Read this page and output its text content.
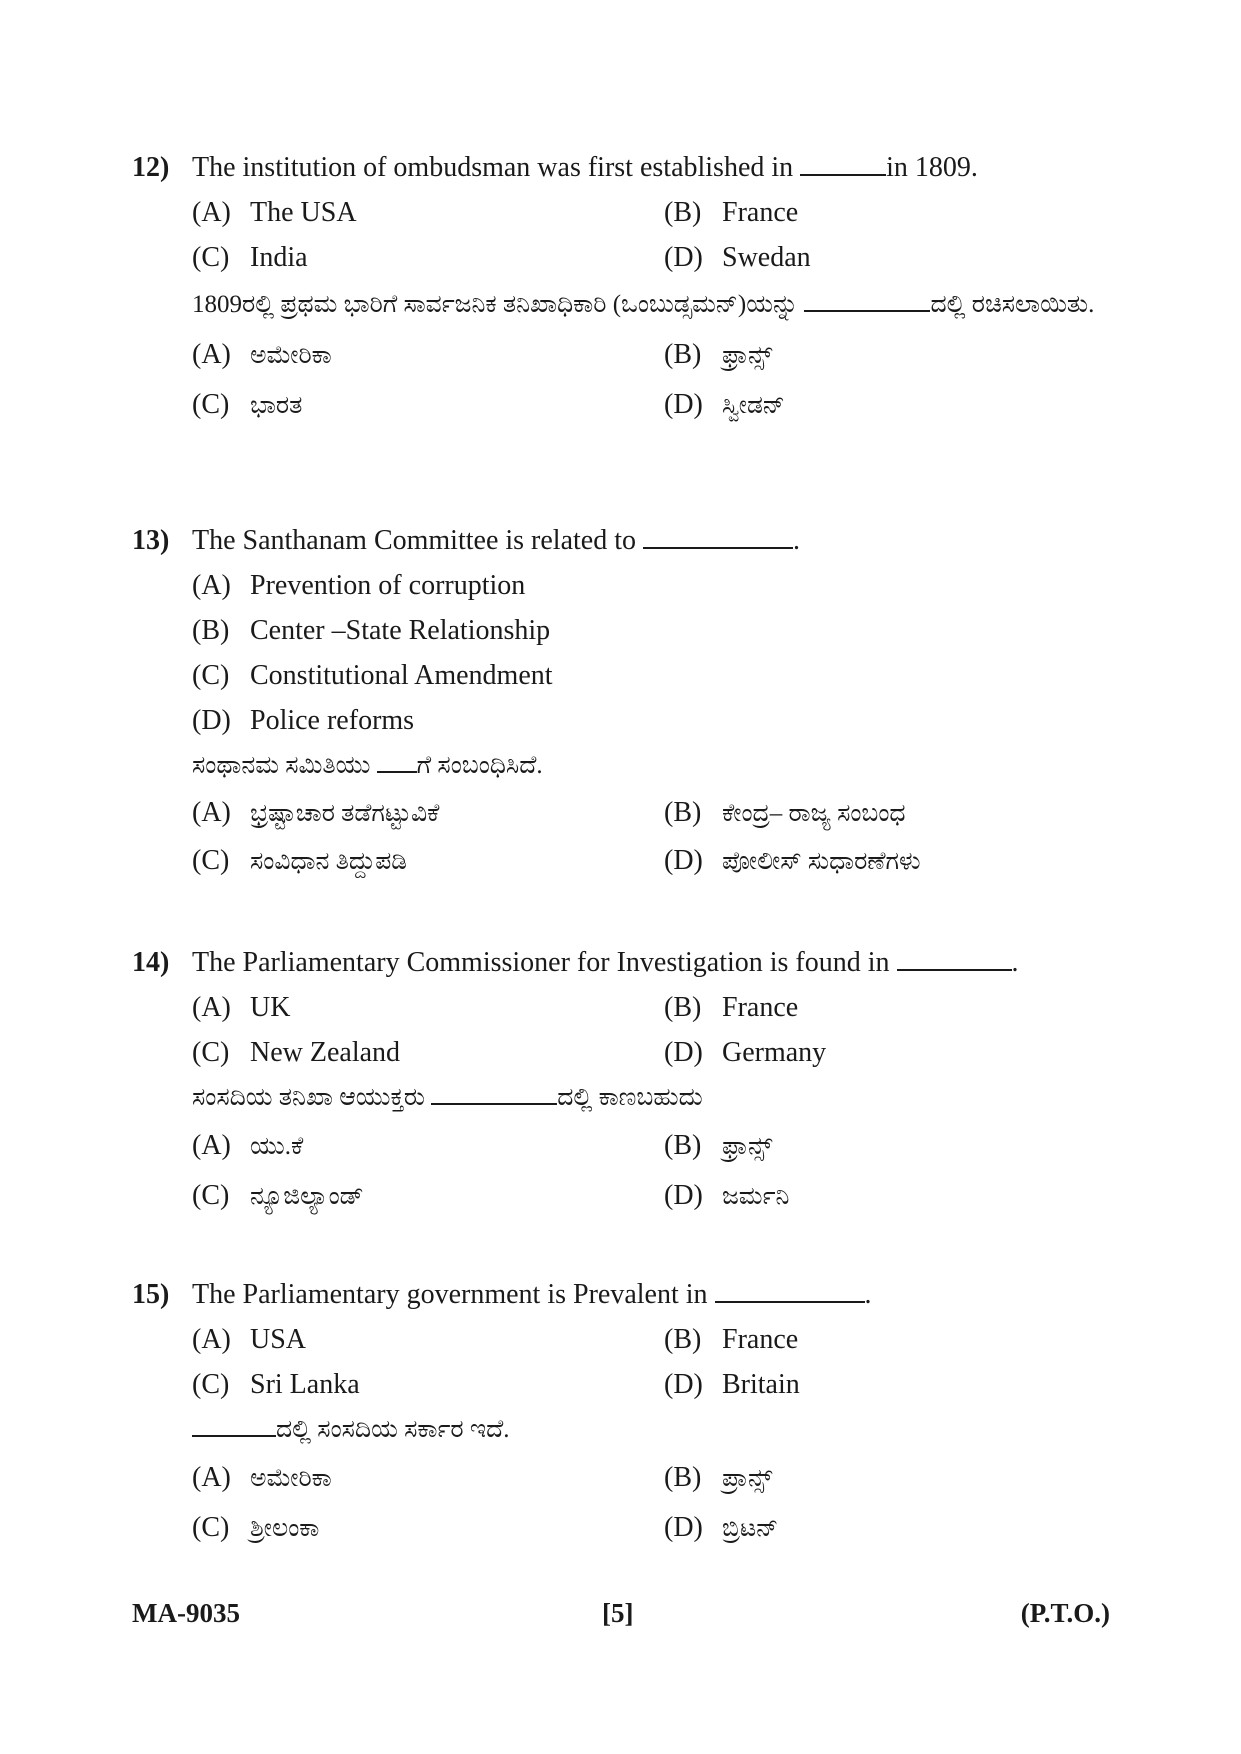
12) The institution of ombudsman was first established in	in 1809.
(A) The USA	(B) France
(C) India	(D) Swedan
1809ರಲ್ಲಿ ಪ್ರಥಮ ಭಾರಿಗೆ ಸಾರ್ವಜನಿಕ ತನಿಖಾಧಿಕಾರಿ (ಒಂಬುಡ್ಸಮನ್)ಯನ್ನು	ದಲ್ಲಿ ರಚಿಸಲಾಯಿತು.
(A) ಅಮೇರಿಕಾ	(B) ಫ್ರಾನ್ಸ್
(C) ಭಾರತ	(D) ಸ್ವೀಡನ್
13) The Santhanam Committee is related to	.
(A) Prevention of corruption
(B) Center –State Relationship
(C) Constitutional Amendment
(D) Police reforms
ಸಂಥಾನಮ ಸಮಿತಿಯು ಗೆ ಸಂಬಂಧಿಸಿದೆ.
(A) ಭ್ರಷ್ಟಾಚಾರ ತಡೆಗಟ್ಟುವಿಕೆ	(B) ಕೇಂದ್ರ– ರಾಜ್ಯ ಸಂಬಂಧ
(C) ಸಂವಿಧಾನ ತಿದ್ದುಪಡಿ	(D) ಪೋಲೀಸ್ ಸುಧಾರಣೆಗಳು
14) The Parliamentary Commissioner for Investigation is found in	.
(A) UK	(B) France
(C) New Zealand	(D) Germany
ಸಂಸದಿಯ ತನಿಖಾ ಆಯುಕ್ತರು	ದಲ್ಲಿ ಕಾಣಬಹುದು
(A) ಯು.ಕೆ	(B) ಫ್ರಾನ್ಸ್
(C) ನ್ಯೂಜಿಲ್ಯಾಂಡ್	(D) ಜರ್ಮನಿ
15) The Parliamentary government is Prevalent in	.
(A) USA	(B) France
(C) Sri Lanka	(D) Britain
ದಲ್ಲಿ ಸಂಸದಿಯ ಸರ್ಕಾರ ಇದೆ.
(A) ಅಮೇರಿಕಾ	(B) ಪ್ರಾನ್ಸ್
(C) ಶ್ರೀಲಂಕಾ	(D) ಬ್ರಿಟನ್
MA-9035	[5]	(P.T.O.)
